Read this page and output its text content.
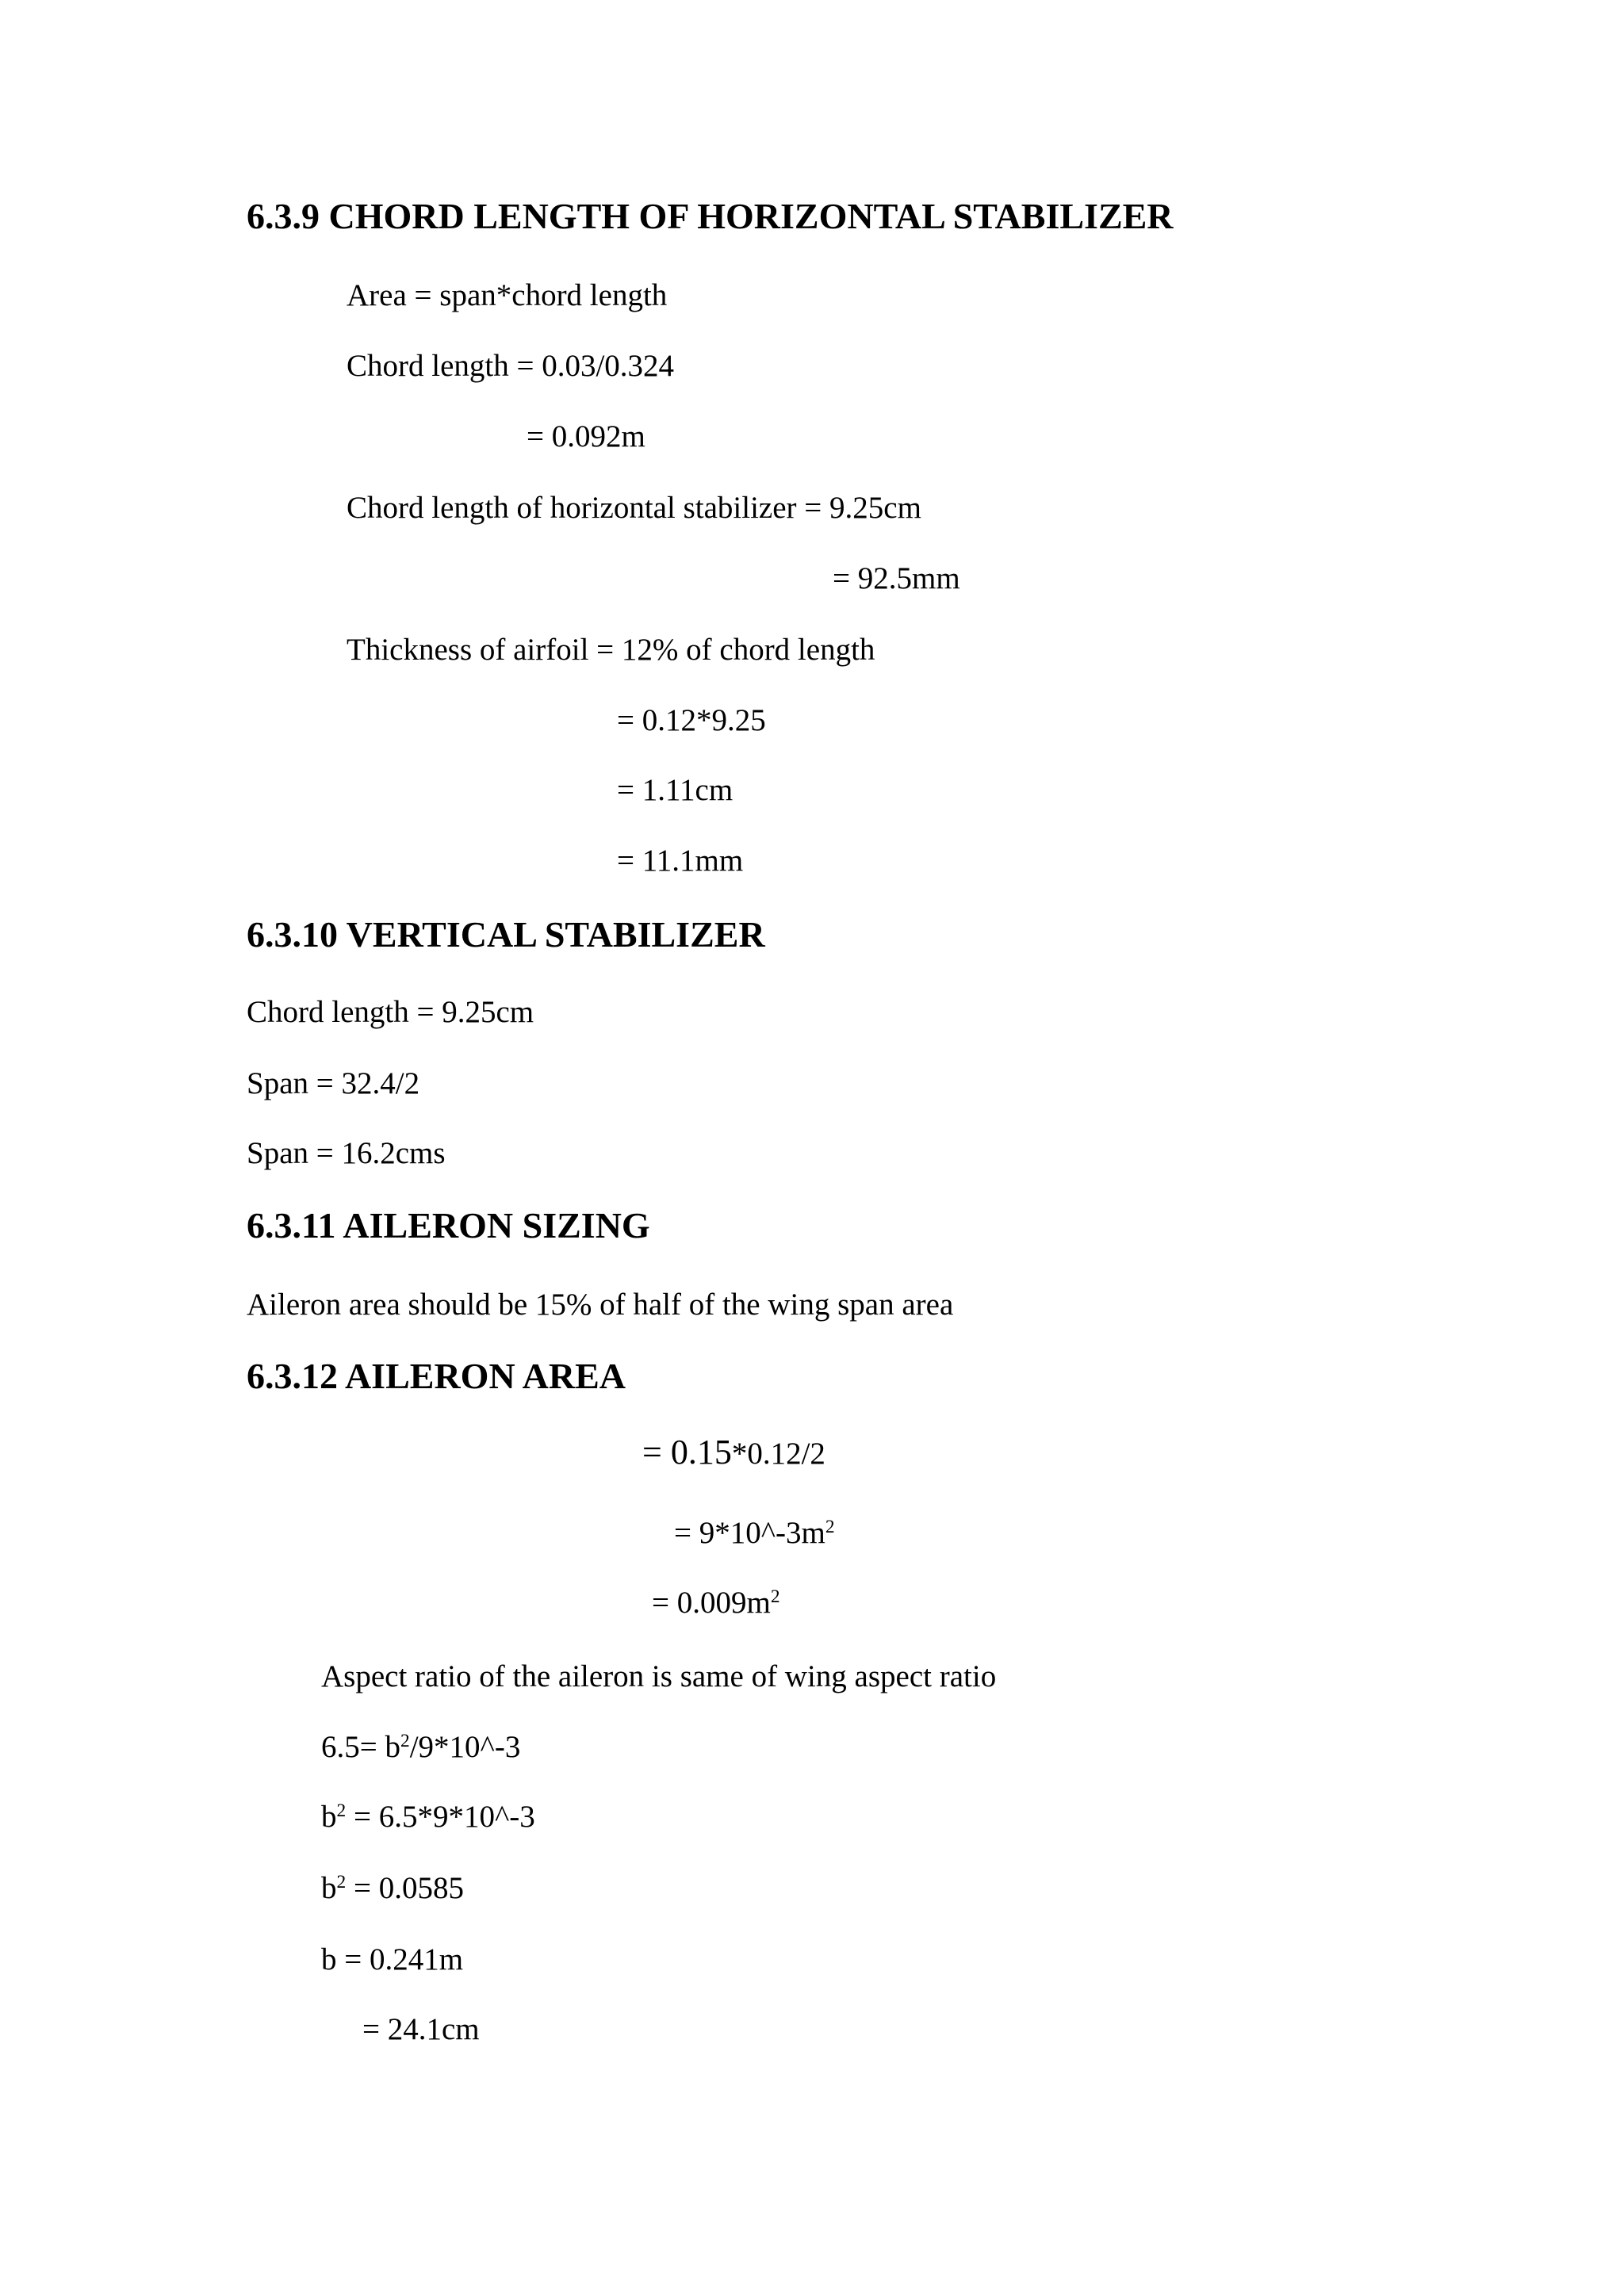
6.3.9 CHORD LENGTH OF HORIZONTAL STABILIZER
Area = span*chord length
Chord length = 0.03/0.324
= 0.092m
Chord length of horizontal stabilizer = 9.25cm
= 92.5mm
Thickness of airfoil = 12% of chord length
= 0.12*9.25
= 1.11cm
= 11.1mm
6.3.10 VERTICAL STABILIZER
Chord length = 9.25cm
Span = 32.4/2
Span = 16.2cms
6.3.11 AILERON SIZING
Aileron area should be 15% of half of the wing span area
6.3.12 AILERON AREA
= 0.15*0.12/2
= $9*10\^{}-3m^2$
= $0.009m^2$
Aspect ratio of the aileron is same of wing aspect ratio
$6.5= b^2/9*10\^{}-3$
$b^2$ = 6.5*9*10^-3
$b^2 = 0.0585$
b = 0.241m
= 24.1cm
